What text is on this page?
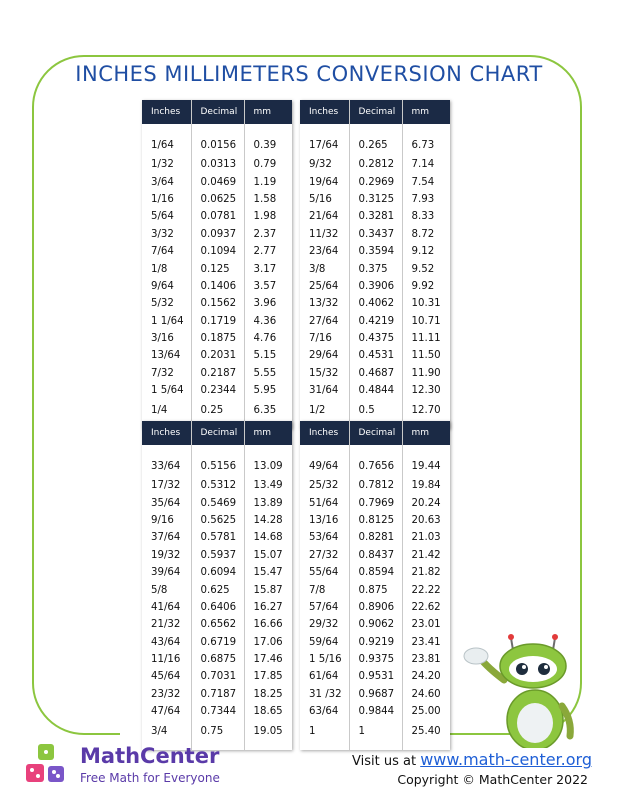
INCHES MILLIMETERS CONVERSION CHART
Inches	Decimal	mm
1/64	0.0156	0.39
1/32	0.0313	0.79
3/64	0.0469	1.19
1/16	0.0625	1.58
5/64	0.0781	1.98
3/32	0.0937	2.37
7/64	0.1094	2.77
1/8	0.125	3.17
9/64	0.1406	3.57
5/32	0.1562	3.96
1 1/64	0.1719	4.36
3/16	0.1875	4.76
13/64	0.2031	5.15
7/32	0.2187	5.55
1 5/64	0.2344	5.95
1/4	0.25	6.35
Inches	Decimal	mm
17/64	0.265	6.73
9/32	0.2812	7.14
19/64	0.2969	7.54
5/16	0.3125	7.93
21/64	0.3281	8.33
11/32	0.3437	8.72
23/64	0.3594	9.12
3/8	0.375	9.52
25/64	0.3906	9.92
13/32	0.4062	10.31
27/64	0.4219	10.71
7/16	0.4375	11.11
29/64	0.4531	11.50
15/32	0.4687	11.90
31/64	0.4844	12.30
1/2	0.5	12.70
Inches	Decimal	mm
33/64	0.5156	13.09
17/32	0.5312	13.49
35/64	0.5469	13.89
9/16	0.5625	14.28
37/64	0.5781	14.68
19/32	0.5937	15.07
39/64	0.6094	15.47
5/8	0.625	15.87
41/64	0.6406	16.27
21/32	0.6562	16.66
43/64	0.6719	17.06
11/16	0.6875	17.46
45/64	0.7031	17.85
23/32	0.7187	18.25
47/64	0.7344	18.65
3/4	0.75	19.05
Inches	Decimal	mm
49/64	0.7656	19.44
25/32	0.7812	19.84
51/64	0.7969	20.24
13/16	0.8125	20.63
53/64	0.8281	21.03
27/32	0.8437	21.42
55/64	0.8594	21.82
7/8	0.875	22.22
57/64	0.8906	22.62
29/32	0.9062	23.01
59/64	0.9219	23.41
1 5/16	0.9375	23.81
61/64	0.9531	24.20
31 /32	0.9687	24.60
63/64	0.9844	25.00
1	1	25.40
MathCenter
Free Math for Everyone
Visit us at www.math-center.org
Copyright © MathCenter 2022
